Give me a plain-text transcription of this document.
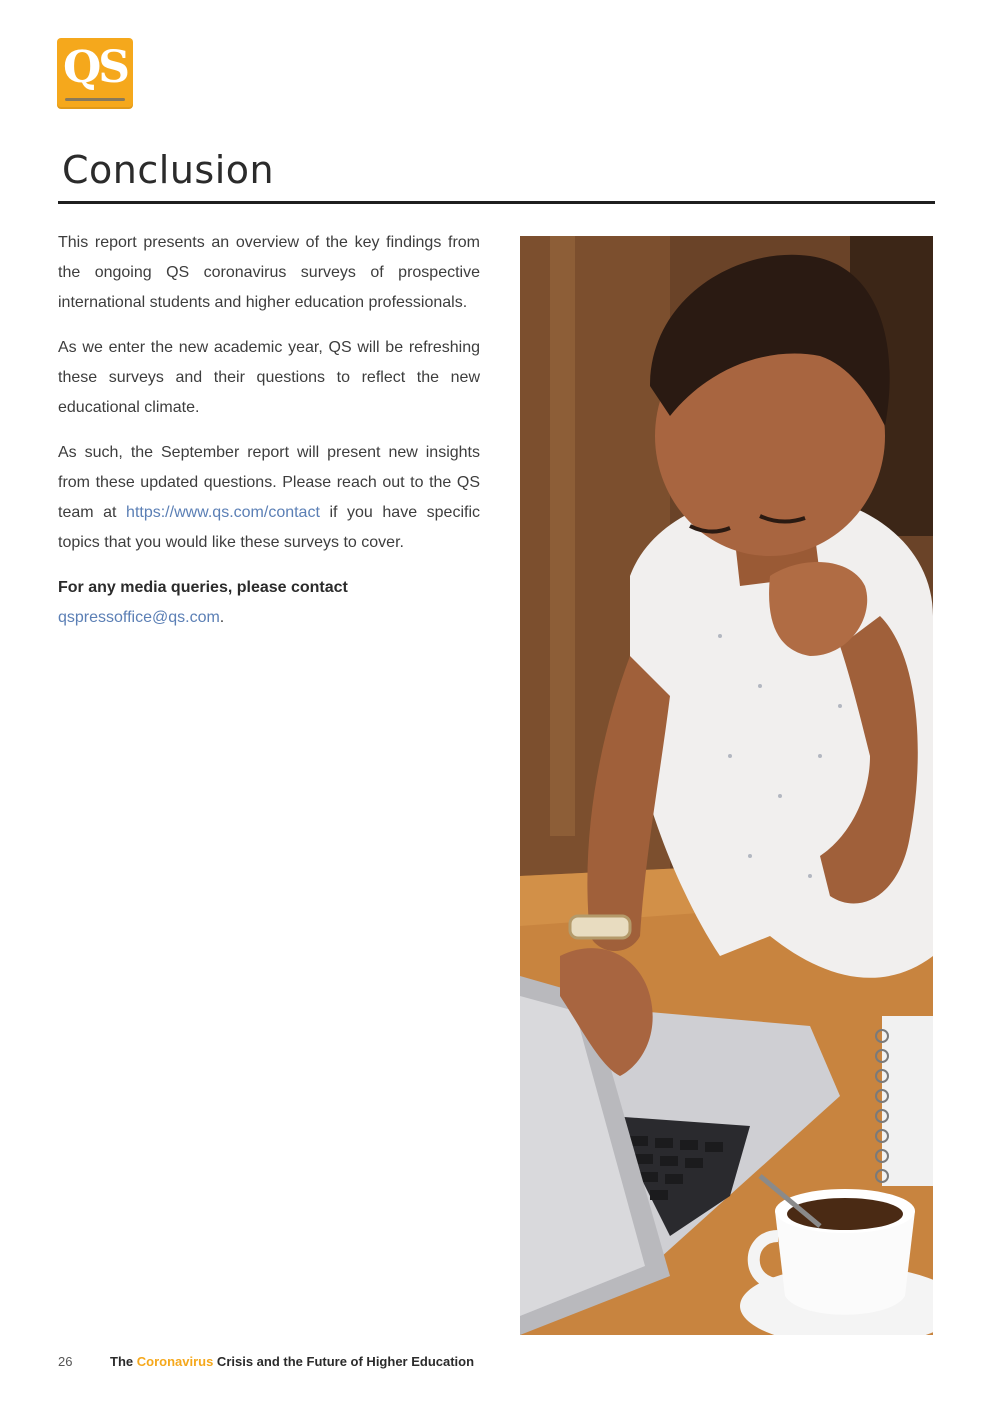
QS
Conclusion

This report presents an overview of the key findings from the ongoing QS coronavirus surveys of prospective international students and higher education professionals.

As we enter the new academic year, QS will be refreshing these surveys and their questions to reflect the new educational climate.

As such, the September report will present new insights from these updated questions. Please reach out to the QS team at https://www.qs.com/contact if you have specific topics that you would like these surveys to cover.

For any media queries, please contact
qspressoffice@qs.com.

26	The Coronavirus Crisis and the Future of Higher Education
